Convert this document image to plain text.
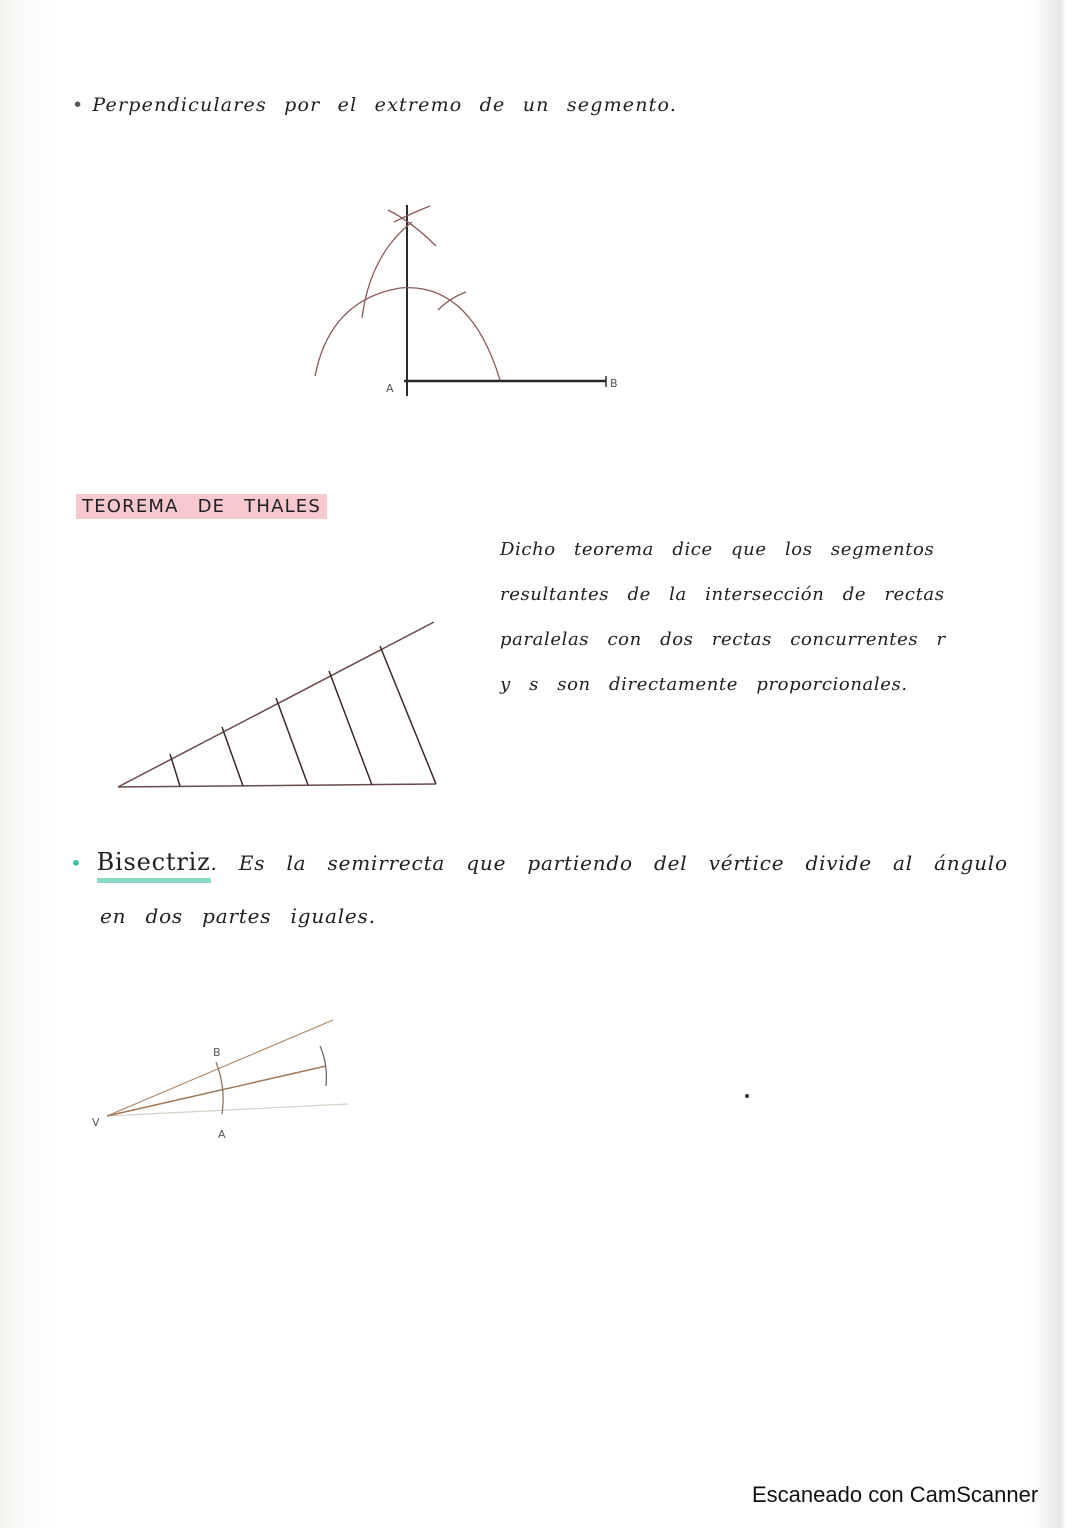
• Perpendiculares por el extremo de un segmento.
A	B
V
A
B
TEOREMA DE THALES
Dicho teorema dice que los segmentos
resultantes de la intersección de rectas
paralelas con dos rectas concurrentes r
y s son directamente proporcionales.
• Bisectriz. Es la semirrecta que partiendo del vértice divide al ángulo
en dos partes iguales.
Escaneado con CamScanner
